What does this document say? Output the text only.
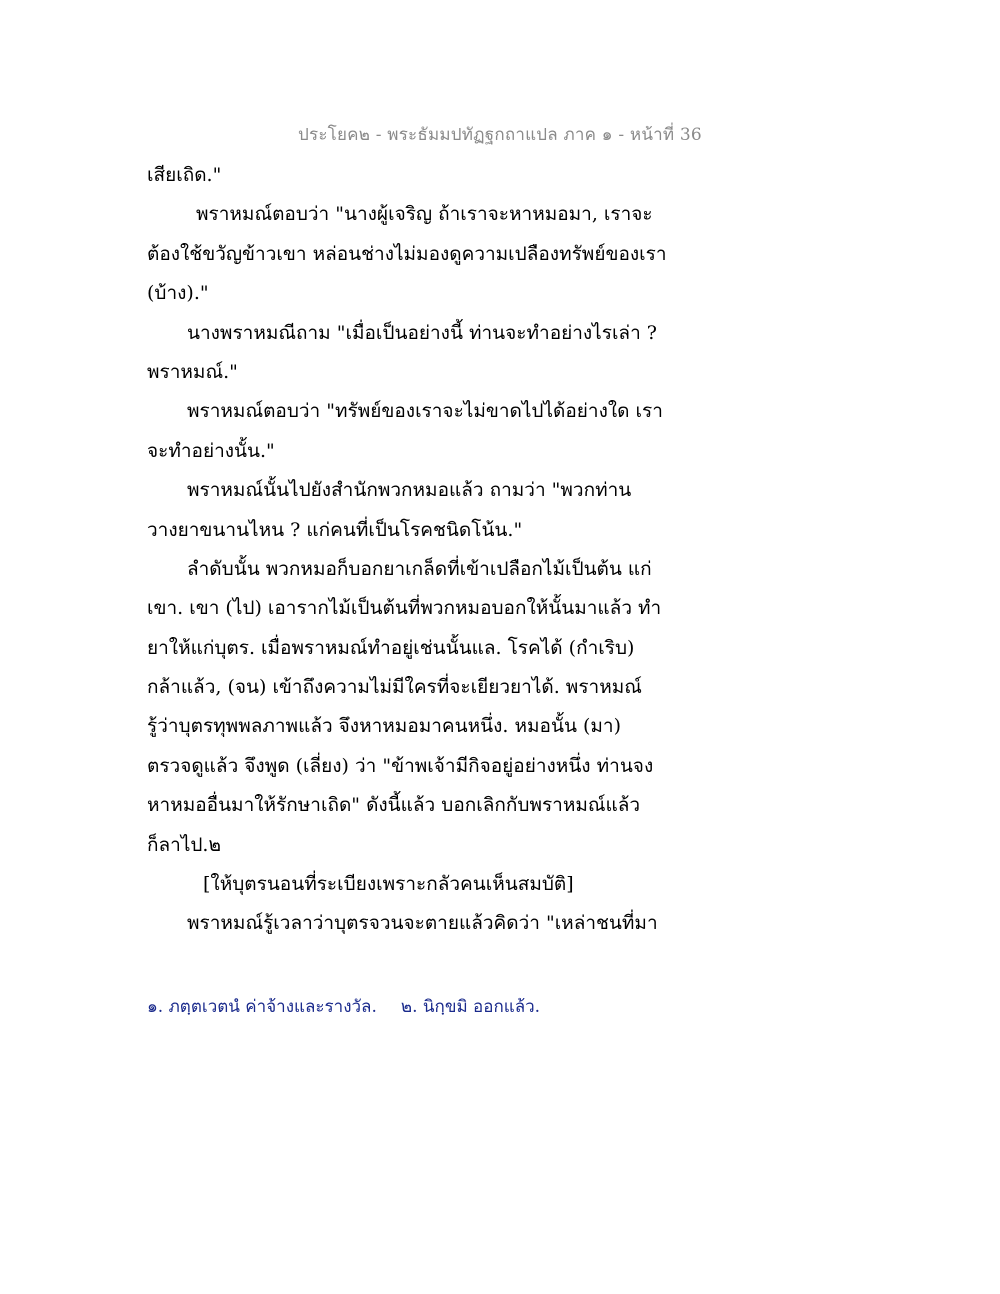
ประโยค๒ - พระธัมมปทัฏฐกถาแปล ภาค ๑ - หน้าที่ 36
เสียเถิด."
พราหมณ์ตอบว่า "นางผู้เจริญ ถ้าเราจะหาหมอมา, เราจะ
ต้องใช้ขวัญข้าวเขา หล่อนช่างไม่มองดูความเปลืองทรัพย์ของเรา
(บ้าง)."
นางพราหมณีถาม "เมื่อเป็นอย่างนี้ ท่านจะทำอย่างไรเล่า ?
พราหมณ์."
พราหมณ์ตอบว่า "ทรัพย์ของเราจะไม่ขาดไปได้อย่างใด เรา
จะทำอย่างนั้น."
พราหมณ์นั้นไปยังสำนักพวกหมอแล้ว ถามว่า "พวกท่าน
วางยาขนานไหน ? แก่คนที่เป็นโรคชนิดโน้น."
ลำดับนั้น พวกหมอก็บอกยาเกล็ดที่เข้าเปลือกไม้เป็นต้น แก่
เขา. เขา (ไป) เอารากไม้เป็นต้นที่พวกหมอบอกให้นั้นมาแล้ว ทำ
ยาให้แก่บุตร. เมื่อพราหมณ์ทำอยู่เช่นนั้นแล. โรคได้ (กำเริบ)
กล้าแล้ว, (จน) เข้าถึงความไม่มีใครที่จะเยียวยาได้. พราหมณ์
รู้ว่าบุตรทุพพลภาพแล้ว จึงหาหมอมาคนหนึ่ง. หมอนั้น (มา)
ตรวจดูแล้ว จึงพูด (เลี่ยง) ว่า "ข้าพเจ้ามีกิจอยู่อย่างหนึ่ง ท่านจง
หาหมออื่นมาให้รักษาเถิด" ดังนี้แล้ว บอกเลิกกับพราหมณ์แล้ว
ก็ลาไป.๒
[ให้บุตรนอนที่ระเบียงเพราะกลัวคนเห็นสมบัติ]
พราหมณ์รู้เวลาว่าบุตรจวนจะตายแล้วคิดว่า "เหล่าชนที่มา
๑. ภตฺตเวตนํ ค่าจ้างและรางวัล. ๒. นิกฺขมิ ออกแล้ว.
